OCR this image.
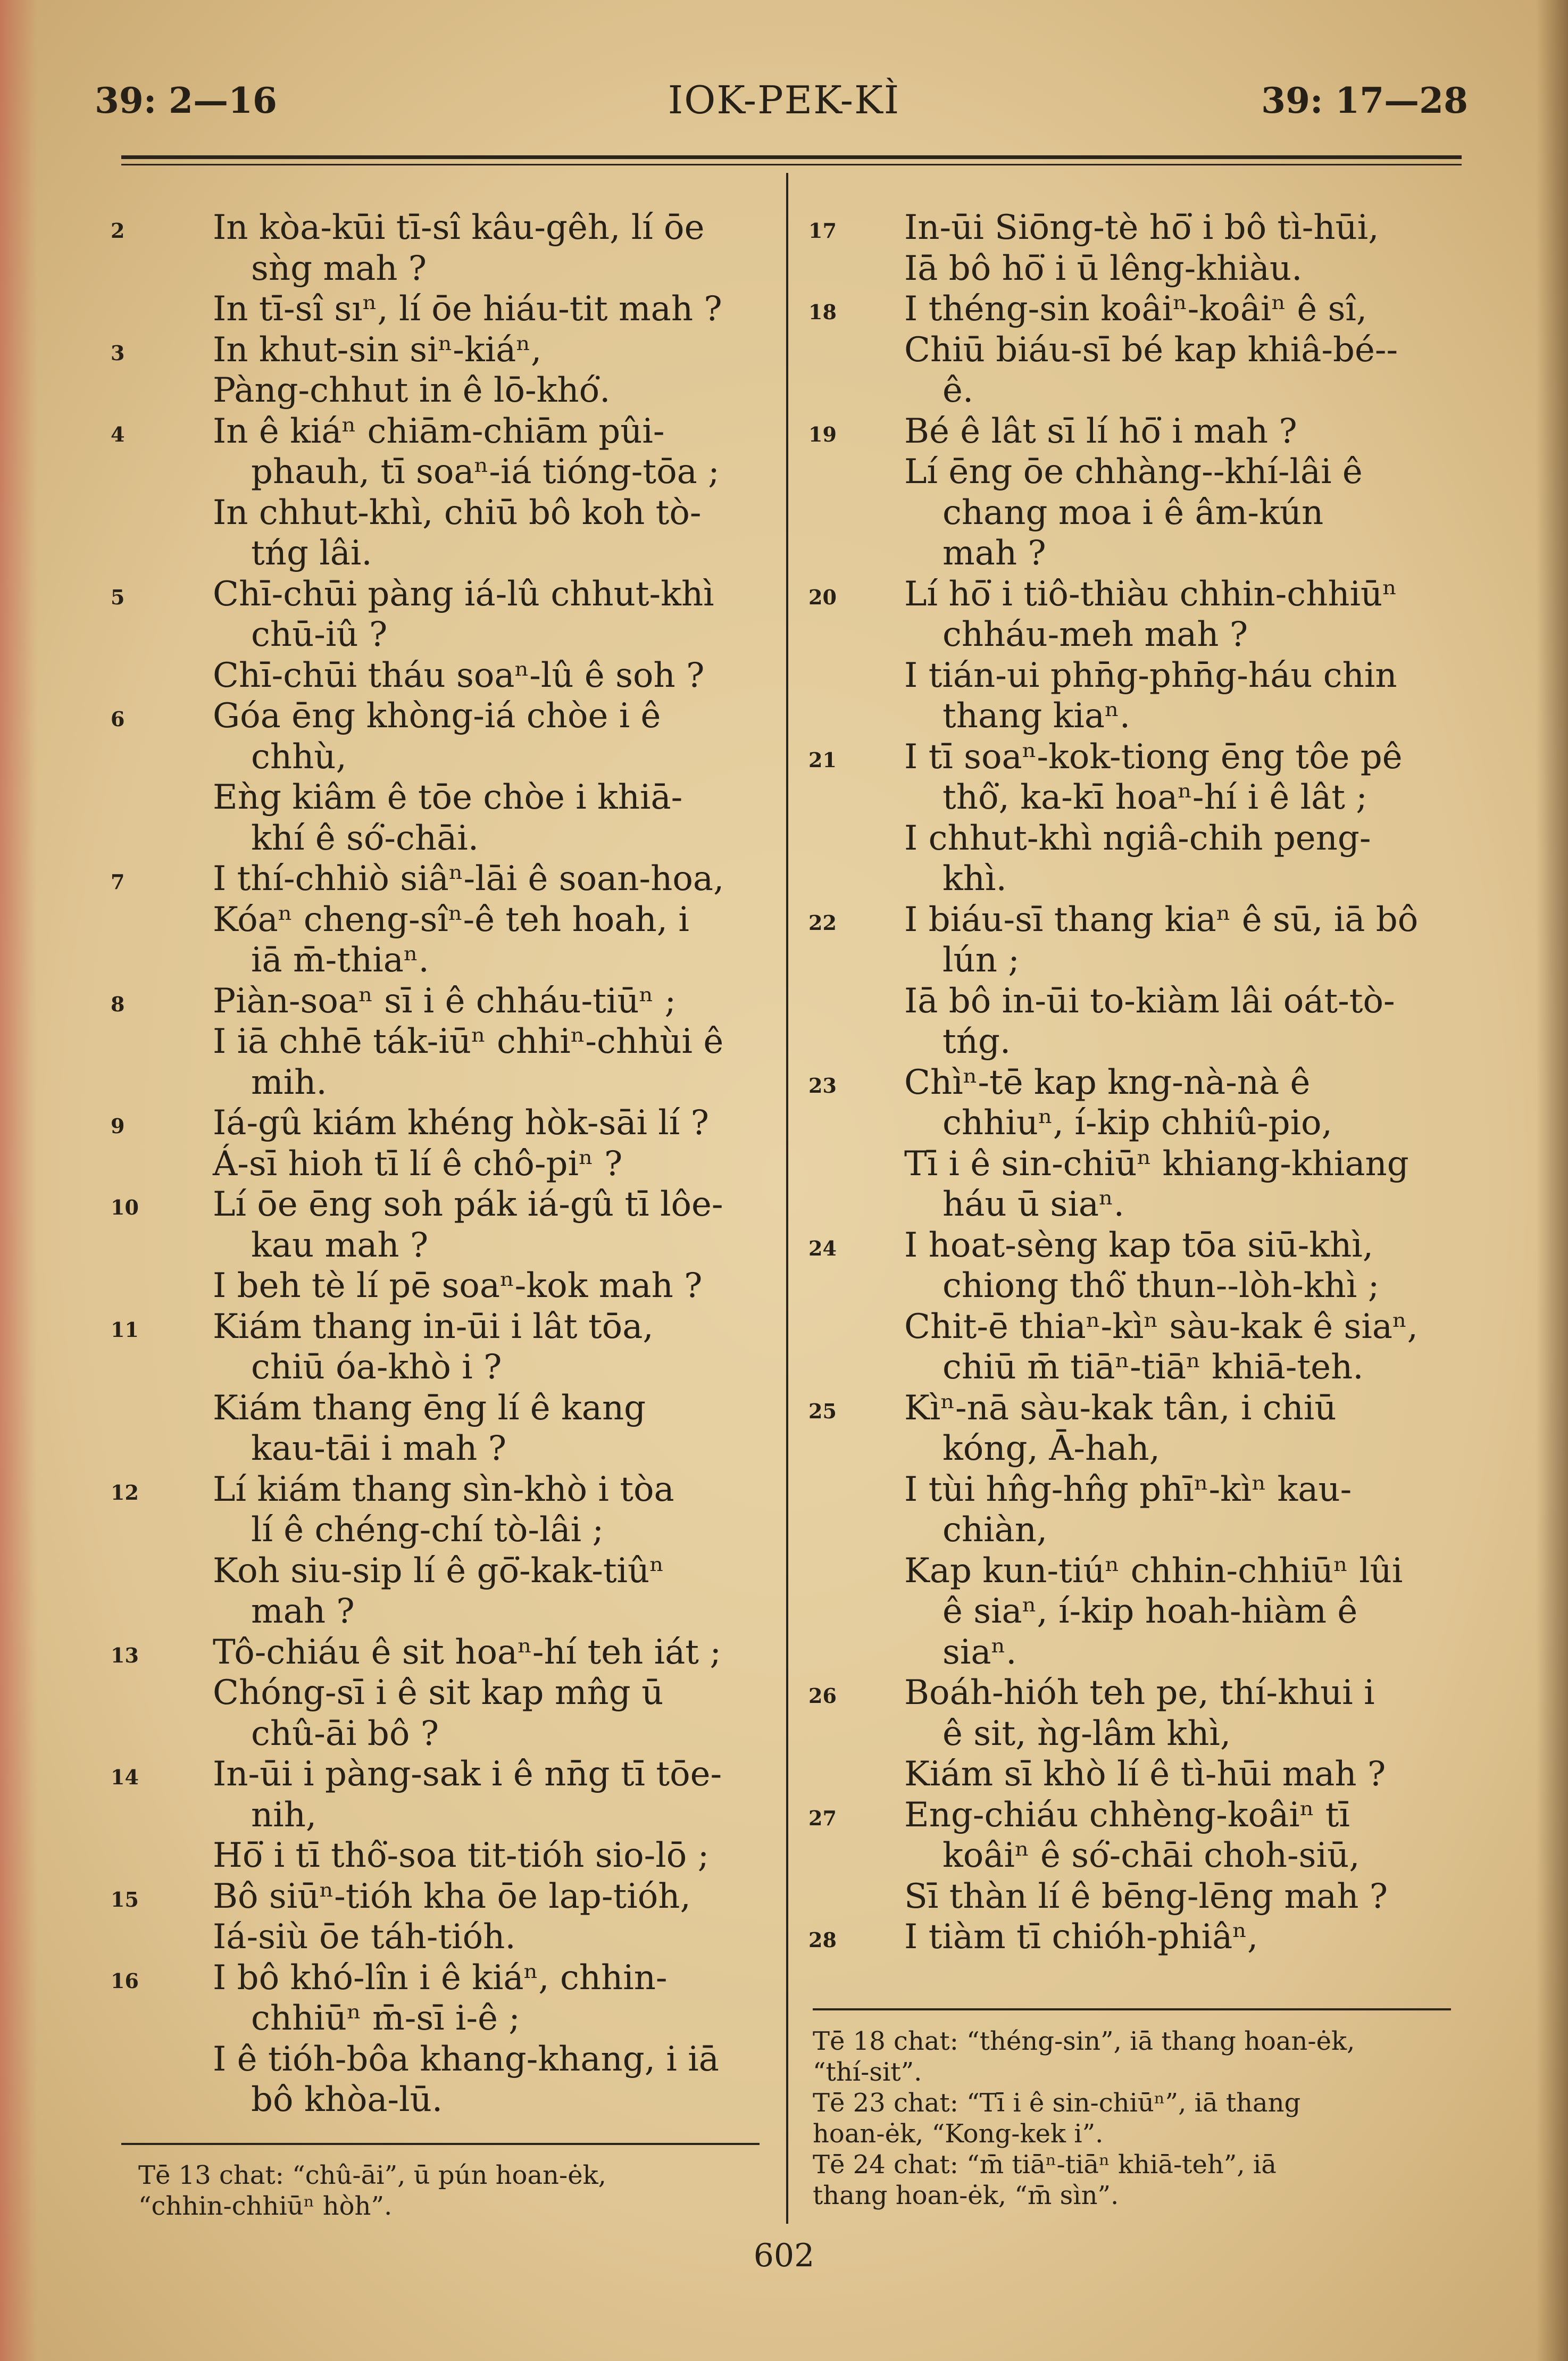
39: 2—16	IOK-PEK-KÌ	39: 17—28
2	In kòa-kūi tī-sî kâu-gêh, lí ōe
sǹg mah ?
In tī-sî sıⁿ, lí ōe hiáu-tit mah ?
3	In khut-sin siⁿ-kiáⁿ,
Pàng-chhut in ê lō-khó͘.
4	In ê kiáⁿ chiām-chiām pûi-
phauh, tī soaⁿ-iá tióng-tōa ;
In chhut-khì, chiū bô koh tò-
tńg lâi.
5	Chī-chūi pàng iá-lû chhut-khì
chū-iû ?
Chī-chūi tháu soaⁿ-lû ê soh ?
6	Góa ēng khòng-iá chòe i ê
chhù,
Eǹg kiâm ê tōe chòe i khiā-
khí ê só͘-chāi.
7	I thí-chhiò siâⁿ-lāi ê soan-hoa,
Kóaⁿ cheng-sîⁿ-ê teh hoah, i
iā m̄-thiaⁿ.
8	Piàn-soaⁿ sī i ê chháu-tiūⁿ ;
I iā chhē ták-iūⁿ chhiⁿ-chhùi ê
mih.
9	Iá-gû kiám khéng hòk-sāi lí ?
Á-sī hioh tī lí ê chô-piⁿ ?
10 Lí ōe ēng soh pák iá-gû tī lôe-
kau mah ?
I beh tè lí pē soaⁿ-kok mah ?
11 Kiám thang in-ūi i lât tōa,
chiū óa-khò i ?
Kiám thang ēng lí ê kang
kau-tāi i mah ?
12 Lí kiám thang sìn-khò i tòa
lí ê chéng-chí tò-lâi ;
Koh siu-sip lí ê gō͘-kak-tiûⁿ
mah ?
13 Tô-chiáu ê sit hoaⁿ-hí teh iát ;
Chóng-sī i ê sit kap mn̂g ū
chû-āi bô ?
14 In-ūi i pàng-sak i ê nn̄g tī tōe-
nih,
Hō͘ i tī thô͘-soa tit-tióh sio-lō ;
15 Bô siūⁿ-tióh kha ōe lap-tióh,
Iá-siù ōe táh-tióh.
16 I bô khó-lîn i ê kiáⁿ, chhin-
chhiūⁿ m̄-sī i-ê ;
I ê tióh-bôa khang-khang, i iā
bô khòa-lū.
17 In-ūi Siōng-tè hō͘ i bô tì-hūi,
Iā bô hō͘ i ū lêng-khiàu.
18 I théng-sin koâiⁿ-koâiⁿ ê sî,
Chiū biáu-sī bé kap khiâ-bé--
ê.
19 Bé ê lât sī lí hō͘ i mah ?
Lí ēng ōe chhàng--khí-lâi ê
chang moa i ê âm-kún
mah ?
20 Lí hō͘ i tiô-thiàu chhin-chhiūⁿ
chháu-meh mah ?
I tián-ui phn̄g-phn̄g-háu chin
thang kiaⁿ.
21 I tī soaⁿ-kok-tiong ēng tôe pê
thô͘, ka-kī hoaⁿ-hí i ê lât ;
I chhut-khì ngiâ-chih peng-
khì.
22 I biáu-sī thang kiaⁿ ê sū, iā bô
lún ;
Iā bô in-ūi to-kiàm lâi oát-tò-
tńg.
23 Chìⁿ-tē kap kng-nà-nà ê
chhiuⁿ, í-kip chhiû-pio,
Tī i ê sin-chiūⁿ khiang-khiang
háu ū siaⁿ.
24 I hoat-sèng kap tōa siū-khì,
chiong thô͘ thun--lòh-khì ;
Chit-ē thiaⁿ-kìⁿ sàu-kak ê siaⁿ,
chiū m̄ tiāⁿ-tiāⁿ khiā-teh.
25 Kìⁿ-nā sàu-kak tân, i chiū
kóng, Ā-hah,
I tùi hn̂g-hn̂g phīⁿ-kìⁿ kau-
chiàn,
Kap kun-tiúⁿ chhin-chhiūⁿ lûi
ê siaⁿ, í-kip hoah-hiàm ê
siaⁿ.
26 Boáh-hióh teh pe, thí-khui i
ê sit, ǹg-lâm khì,
Kiám sī khò lí ê tì-hūi mah ?
27 Eng-chiáu chhèng-koâiⁿ tī
koâiⁿ ê só͘-chāi choh-siū,
Sī thàn lí ê bēng-lēng mah ?
28 I tiàm tī chióh-phiâⁿ,
Tē 13 chat: “chû-āi”, ū pún hoan-ėk,
“chhin-chhiūⁿ hòh”.
Tē 18 chat: “théng-sin”, iā thang hoan-ėk,
“thí-sit”.
Tē 23 chat: “Tī i ê sin-chiūⁿ”, iā thang
hoan-ėk, “Kong-kek i”.
Tē 24 chat: “m̄ tiāⁿ-tiāⁿ khiā-teh”, iā
thang hoan-ėk, “m̄ sìn”.
602
